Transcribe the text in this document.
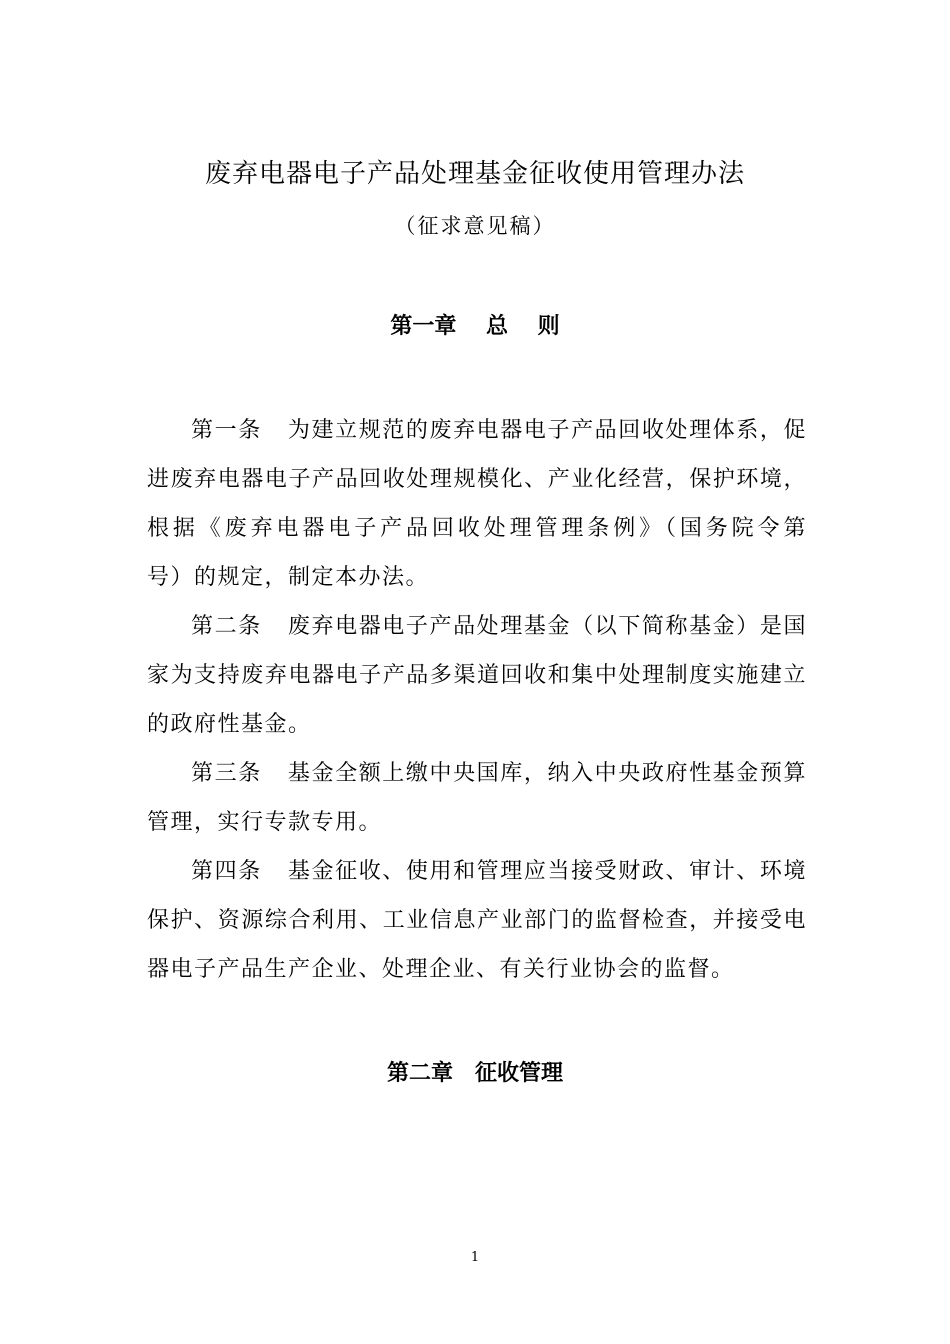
废弃电器电子产品处理基金征收使用管理办法
（征求意见稿）
第一章　 总　 则

第一条 为建立规范的废弃电器电子产品回收处理体系，促进废弃电器电子产品回收处理规模化、产业化经营，保护环境，根据《废弃电器电子产品回收处理管理条例》（国务院令第　　　　号）的规定，制定本办法。

第二条 废弃电器电子产品处理基金（以下简称基金）是国家为支持废弃电器电子产品多渠道回收和集中处理制度实施建立的政府性基金。

第三条 基金全额上缴中央国库，纳入中央政府性基金预算管理，实行专款专用。

第四条 基金征收、使用和管理应当接受财政、审计、环境保护、资源综合利用、工业信息产业部门的监督检查，并接受电器电子产品生产企业、处理企业、有关行业协会的监督。

第二章　征收管理
1
